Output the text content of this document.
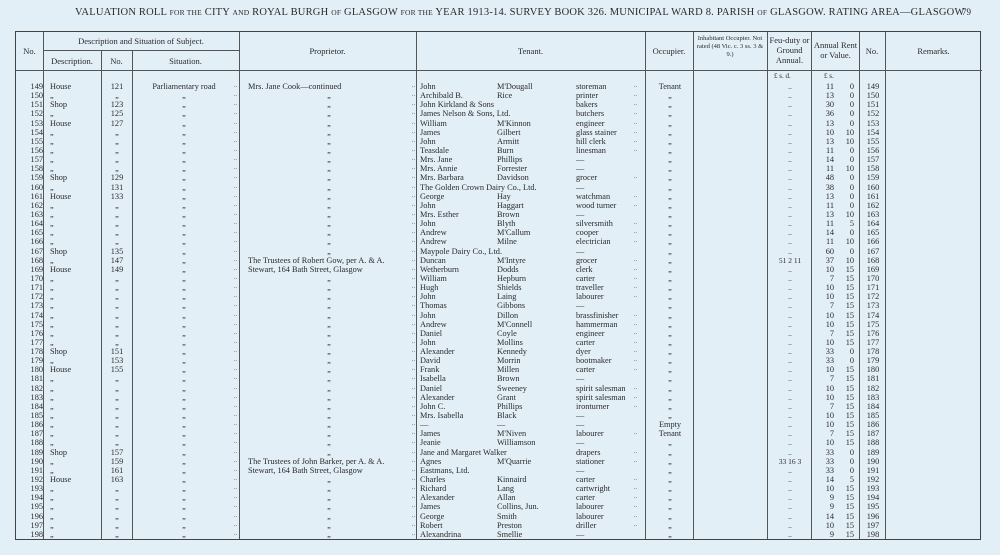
VALUATION ROLL FOR THE CITY AND ROYAL BURGH OF GLASGOW FOR THE YEAR 1913-14. SURVEY BOOK 326. MUNICIPAL WARD 8. PARISH OF GLASGOW. RATING AREA—GLASGOW
79
No.
Description and Situation of Subject.
Description.	No.	Situation.
Proprietor.	Tenant.	Occupier.
Inhabitant Occupier. Not rated (48 Vic. c. 3 ss. 3 & 9.)
Feu-duty or Ground Annual.
Annual Rent or Value.	No.	Remarks.
£ s. d.	£ s.
149 House	121	Parliamentary road	Mrs. Jane Cook—continued	John	M'Dougall	storeman	Tenant	..	11	0	149
..	..	..
150 „	„	„	„	Archibald B.	Rice	printer	„	..	13	0	150
..	..	..
151 Shop	123	„	„	John Kirkland & Sons	bakers	„	..	30	0	151
..	..	..
152 „	125	„	„	James Nelson & Sons, Ltd.	butchers	„	..	36	0	152
..	..	..
153 House	127	„	„	William	M'Kinnon	engineer	„	..	13	0	153
..	..	..
154 „	„	„	„	James	Gilbert	glass stainer	„	..	10	10	154
..	..	..
155 „	„	„	„	John	Armitt	hill clerk	„	..	13	10	155
..	..	..
156 „	„	„	„	Teasdale	Burn	linesman	„	..	11	0	156
..	..	..
157 „	„	„	„	Mrs. Jane	Phillips	—	„	..	14	0	157
..	..
158 „	„	„	„	Mrs. Annie	Forrester	—	„	..	11	10	158
..	..
159 Shop	129	„	„	Mrs. Barbara	Davidson	grocer	„	..	48	0	159
..	..	..
160 „	131	„	„	The Golden Crown Dairy Co., Ltd.	—	„	..	38	0	160
..	..
161 House	133	„	„	George	Hay	watchman	„	..	13	0	161
..	..	..
162 „	„	„	„	John	Haggart	wood turner	„	..	11	0	162
..	..	..
163 „	„	„	„	Mrs. Esther	Brown	—	„	..	13	10	163
..	..
164 „	„	„	„	John	Blyth	silversmith	„	..	11	5	164
..	..	..
165 „	„	„	„	Andrew	M'Callum	cooper	„	..	14	0	165
..	..	..
166 „	„	„	„	Andrew	Milne	electrician	„	..	11	10	166
..	..	..
167 Shop	135	„	„	Maypole Dairy Co., Ltd.	—	„	..	60	0	167
..	..
168 „	147	„	The Trustees of Robert Gow, per A. & A.	Duncan	M'Intyre	grocer	„	51 2 11	37	10	168
..	..	..
169 House	149	„	Stewart, 164 Bath Street, Glasgow	Wetherburn	Dodds	clerk	„	..	10	15	169
..	..	..
170 „	„	„	„	William	Hepburn	carter	„	..	7	15	170
..	..	..
171 „	„	„	„	Hugh	Shields	traveller	„	..	10	15	171
..	..	..
172 „	„	„	„	John	Laing	labourer	„	..	10	15	172
..	..	..
173 „	„	„	„	Thomas	Gibbons	—	„	..	7	15	173
..	..
174 „	„	„	„	John	Dillon	brassfinisher	„	..	10	15	174
..	..	..
175 „	„	„	„	Andrew	M'Connell	hammerman	„	..	10	15	175
..	..	..
176 „	„	„	„	Daniel	Coyle	engineer	„	..	7	15	176
..	..	..
177 „	„	„	„	John	Mollins	carter	„	..	10	15	177
..	..	..
178 Shop	151	„	„	Alexander	Kennedy	dyer	„	..	33	0	178
..	..	..
179 „	153	„	„	David	Morrin	bootmaker	„	..	33	0	179
..	..	..
180 House	155	„	„	Frank	Millen	carter	„	..	10	15	180
..	..	..
181 „	„	„	„	Isabella	Brown	—	„	..	7	15	181
..	..
182 „	„	„	„	Daniel	Sweeney	spirit salesman	„	..	10	15	182
..	..	..
183 „	„	„	„	Alexander	Grant	spirit salesman	„	..	10	15	183
..	..	..
184 „	„	„	„	John C.	Phillips	ironturner	„	..	7	15	184
..	..	..
185 „	„	„	„	Mrs. Isabella	Black	—	„	..	10	15	185
..	..
186 „	„	„	„	—	—	—	Empty	..	10	15	186
..	..
187 „	„	„	„	James	M'Niven	labourer	Tenant	..	7	15	187
..	..	..
188 „	„	„	„	Jeanie	Williamson	—	„	..	10	15	188
..	..
189 Shop	157	„	„	Jane and Margaret Walker	drapers	„	..	33	0	189
..	..	..
190 „	159	„	The Trustees of John Barker, per A. & A.	Agnes	M'Quarrie	stationer	„	33 16 3	33	0	190
..	..	..
191 „	161	„	Stewart, 164 Bath Street, Glasgow	Eastmans, Ltd.	—	„	..	33	0	191
..	..
192 House	163	„	„	Charles	Kinnaird	carter	„	..	14	5	192
..	..	..
193 „	„	„	„	Richard	Lang	cartwright	„	..	10	15	193
..	..	..
194 „	„	„	„	Alexander	Allan	carter	„	..	9	15	194
..	..	..
195 „	„	„	„	James	Collins, Jun.	labourer	„	..	9	15	195
..	..	..
196 „	„	„	„	George	Smith	labourer	„	..	14	15	196
..	..	..
197 „	„	„	„	Robert	Preston	driller	„	..	10	15	197
..	..	..
198 „	„	„	„	Alexandrina	Smellie	—	„	..	9	15	198
..	..
